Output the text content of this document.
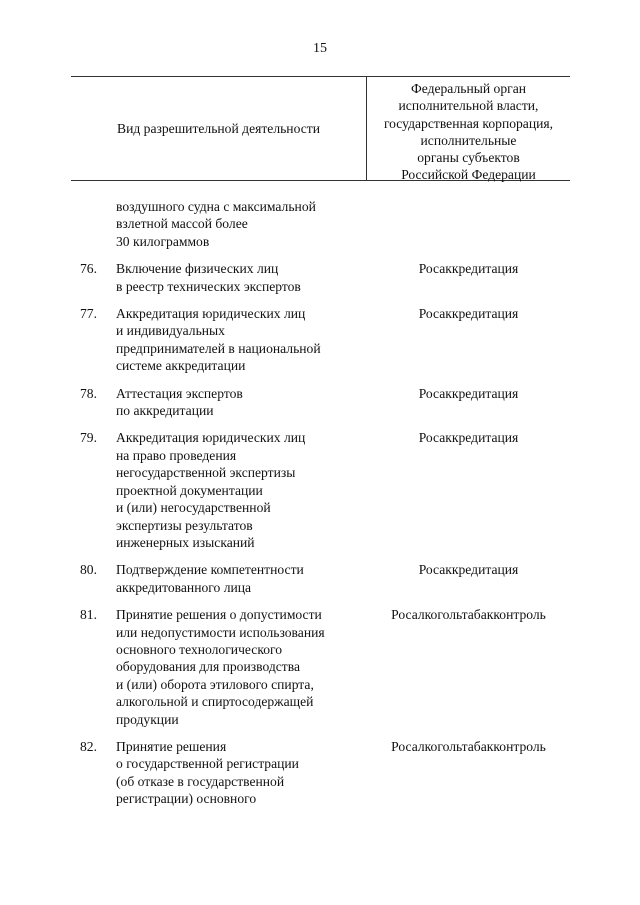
15
Вид разрешительной деятельности
Федеральный орган
исполнительной власти,
государственная корпорация,
исполнительные
органы субъектов
Российской Федерации
воздушного судна с максимальной
взлетной массой более
30 килограммов
76.	Включение физических лиц
в реестр технических экспертов
Росаккредитация
77.	Аккредитация юридических лиц
и индивидуальных
предпринимателей в национальной
системе аккредитации
Росаккредитация
78.	Аттестация экспертов
по аккредитации
Росаккредитация
79.	Аккредитация юридических лиц
на право проведения
негосударственной экспертизы
проектной документации
и (или) негосударственной
экспертизы результатов
инженерных изысканий
Росаккредитация
80.	Подтверждение компетентности
аккредитованного лица
Росаккредитация
81.	Принятие решения о допустимости
или недопустимости использования
основного технологического
оборудования для производства
и (или) оборота этилового спирта,
алкогольной и спиртосодержащей
продукции
Росалкогольтабакконтроль
82.	Принятие решения
о государственной регистрации
(об отказе в государственной
регистрации) основного
Росалкогольтабакконтроль
